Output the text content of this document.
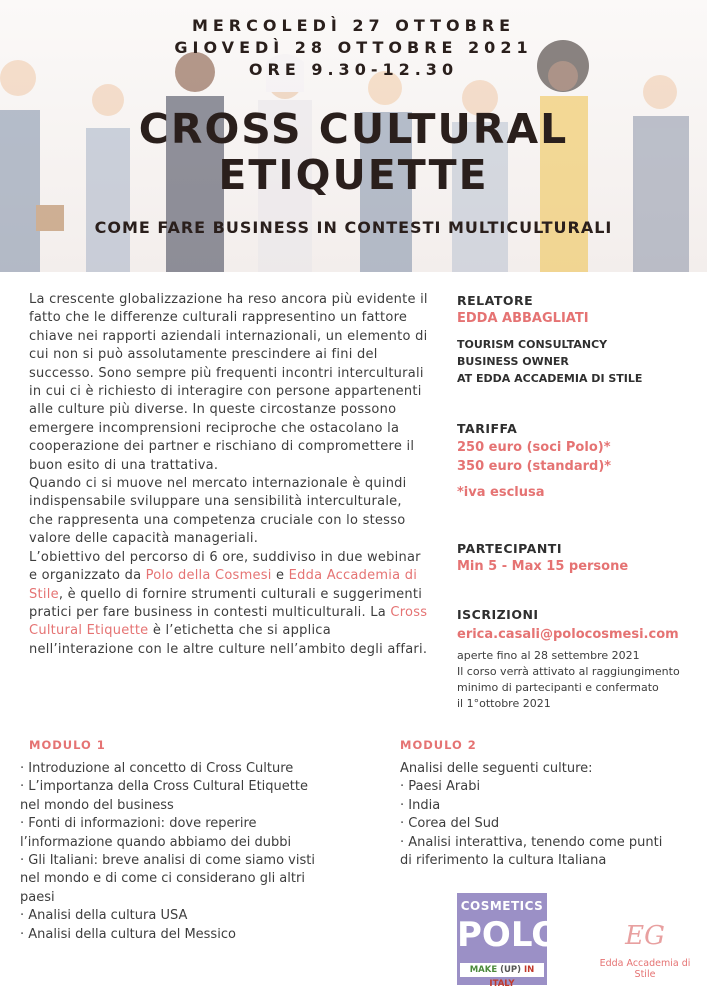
MERCOLEDÌ 27 OTTOBRE
GIOVEDÌ 28 OTTOBRE 2021
ORE 9.30-12.30
CROSS CULTURAL
ETIQUETTE
COME FARE BUSINESS IN CONTESTI MULTICULTURALI
La crescente globalizzazione ha reso ancora più evidente il fatto che le differenze culturali rappresentino un fattore chiave nei rapporti aziendali internazionali, un elemento di cui non si può assolutamente prescindere ai fini del successo. Sono sempre più frequenti incontri interculturali in cui ci è richiesto di interagire con persone appartenenti alle culture più diverse. In queste circostanze possono emergere incomprensioni reciproche che ostacolano la cooperazione dei partner e rischiano di compromettere il buon esito di una trattativa.
Quando ci si muove nel mercato internazionale è quindi indispensabile sviluppare una sensibilità interculturale, che rappresenta una competenza cruciale con lo stesso valore delle capacità manageriali.
L’obiettivo del percorso di 6 ore, suddiviso in due webinar e organizzato da Polo della Cosmesi e Edda Accademia di Stile, è quello di fornire strumenti culturali e suggerimenti pratici per fare business in contesti multiculturali. La Cross Cultural Etiquette è l’etichetta che si applica nell’interazione con le altre culture nell’ambito degli affari.
RELATORE
EDDA ABBAGLIATI
TOURISM CONSULTANCY
BUSINESS OWNER
AT EDDA ACCADEMIA DI STILE
TARIFFA
250 euro (soci Polo)*
350 euro (standard)*
*iva esclusa
PARTECIPANTI
Min 5 - Max 15 persone
ISCRIZIONI
erica.casali@polocosmesi.com
aperte fino al 28 settembre 2021
Il corso verrà attivato al raggiungimento
minimo di partecipanti e confermato
il 1°ottobre 2021
MODULO 1
· Introduzione al concetto di Cross Culture
· L’importanza della Cross Cultural Etiquette
nel mondo del business
· Fonti di informazioni: dove reperire
l’informazione quando abbiamo dei dubbi
· Gli Italiani: breve analisi di come siamo visti
nel mondo e di come ci considerano gli altri
paesi
· Analisi della cultura USA
· Analisi della cultura del Messico
MODULO 2
Analisi delle seguenti culture:
· Paesi Arabi
· India
· Corea del Sud
· Analisi interattiva, tenendo come punti
di riferimento la cultura Italiana
COSMETICS
POLO
MAKE (UP) IN ITALY
EG
Edda Accademia di Stile
